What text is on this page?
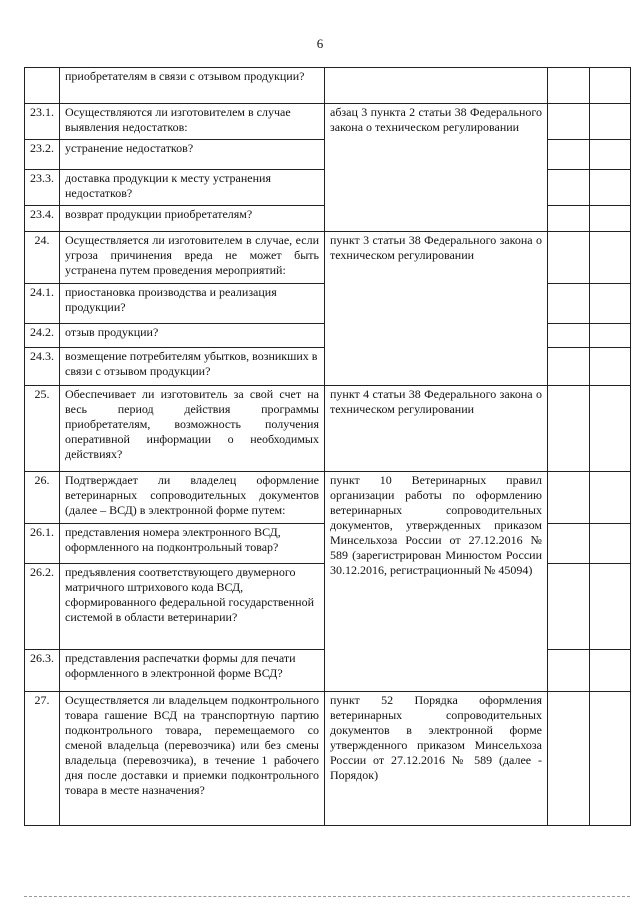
6
	приобретателям в связи с отзывом продукции?			
23.1.	Осуществляются ли изготовителем в случае выявления недостатков:	абзац 3 пункта 2 статьи 38 Федерального закона о техническом регулировании		
23.2.	устранение недостатков?			
23.3.	доставка продукции к месту устранения недостатков?			
23.4.	возврат продукции приобретателям?			
24.	Осуществляется ли изготовителем в случае, если угроза причинения вреда не может быть устранена путем проведения мероприятий:	пункт 3 статьи 38 Федерального закона о техническом регулировании		
24.1.	приостановка производства и реализация продукции?			
24.2.	отзыв продукции?			
24.3.	возмещение потребителям убытков, возникших в связи с отзывом продукции?			
25.	Обеспечивает ли изготовитель за свой счет на весь период действия программы приобретателям, возможность получения оперативной информации о необходимых действиях?	пункт 4 статьи 38 Федерального закона о техническом регулировании		
26.	Подтверждает ли владелец оформление ветеринарных сопроводительных документов (далее – ВСД) в электронной форме путем:	пункт 10 Ветеринарных правил организации работы по оформлению ветеринарных сопроводительных документов, утвержденных приказом Минсельхоза России от 27.12.2016 № 589 (зарегистрирован Минюстом России 30.12.2016, регистрационный № 45094)		
26.1.	представления номера электронного ВСД, оформленного на подконтрольный товар?			
26.2.	предъявления соответствующего двумерного матричного штрихового кода ВСД, сформированного федеральной государственной системой в области ветеринарии?			
26.3.	представления распечатки формы для печати оформленного в электронной форме ВСД?			
27.	Осуществляется ли владельцем подконтрольного товара гашение ВСД на транспортную партию подконтрольного товара, перемещаемого со сменой владельца (перевозчика) или без смены владельца (перевозчика), в течение 1 рабочего дня после доставки и приемки подконтрольного товара в месте назначения?	пункт 52 Порядка оформления ветеринарных сопроводительных документов в электронной форме утвержденного приказом Минсельхоза России от 27.12.2016 № 589 (далее - Порядок)		
